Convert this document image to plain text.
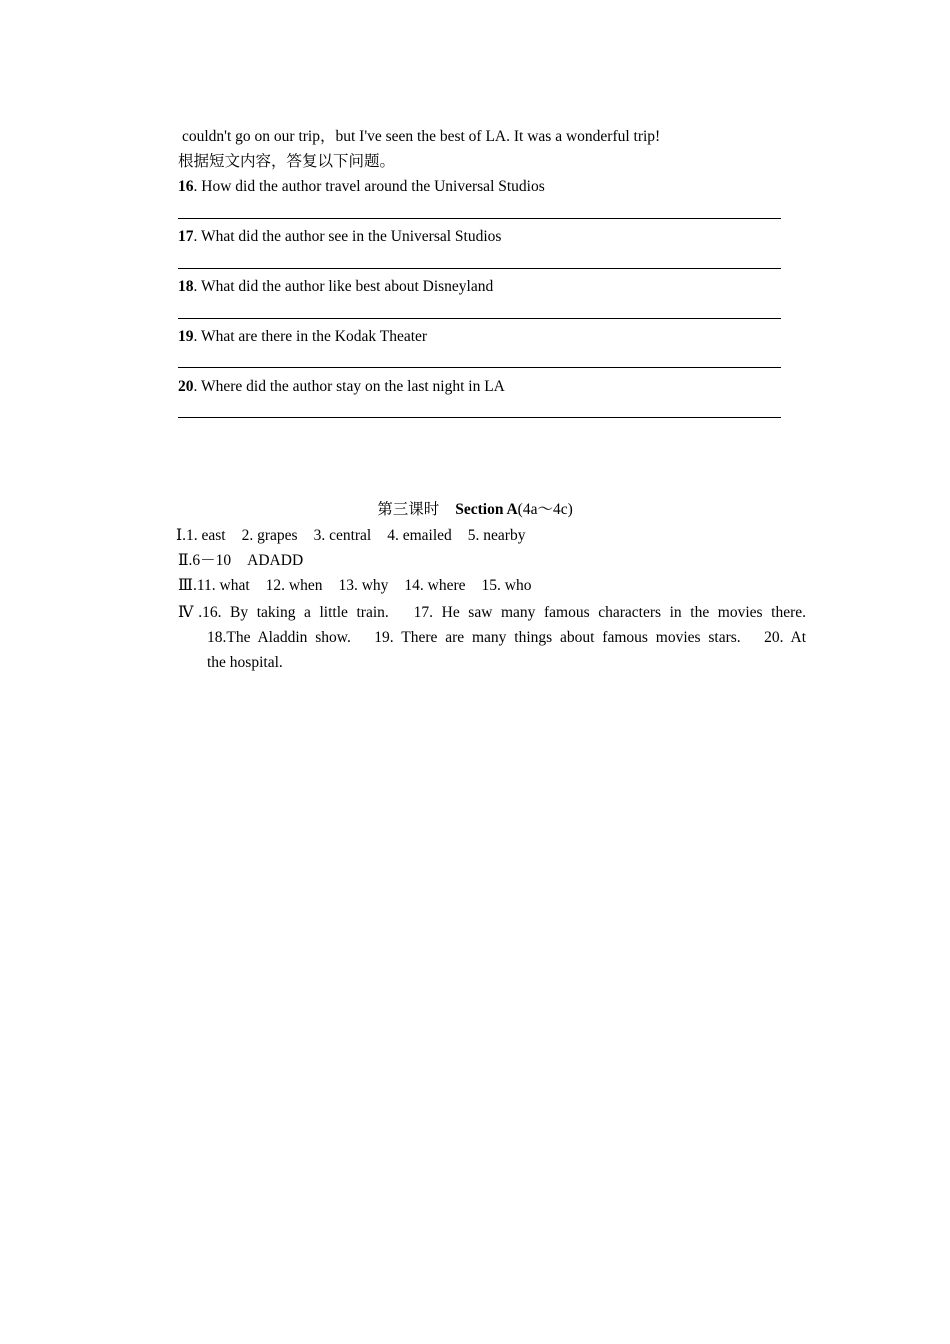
couldn't go on our trip，but I've seen the best of LA. It was a wonderful trip!
根据短文内容，答复以下问题。
16. How did the author travel around the Universal Studios
17. What did the author see in the Universal Studios
18. What did the author like best about Disneyland
19. What are there in the Kodak Theater
20. Where did the author stay on the last night in LA
第三课时 Section A(4a～4c)
Ⅰ.1. east 2. grapes 3. central 4. emailed 5. nearby
Ⅱ.6－10 ADADD
Ⅲ.11. what 12. when 13. why 14. where 15. who
Ⅳ.16. By taking a little train.　17. He saw many famous characters in the movies there.
18.The Aladdin show.　19. There are many things about famous movies stars.　20. At
the hospital.
